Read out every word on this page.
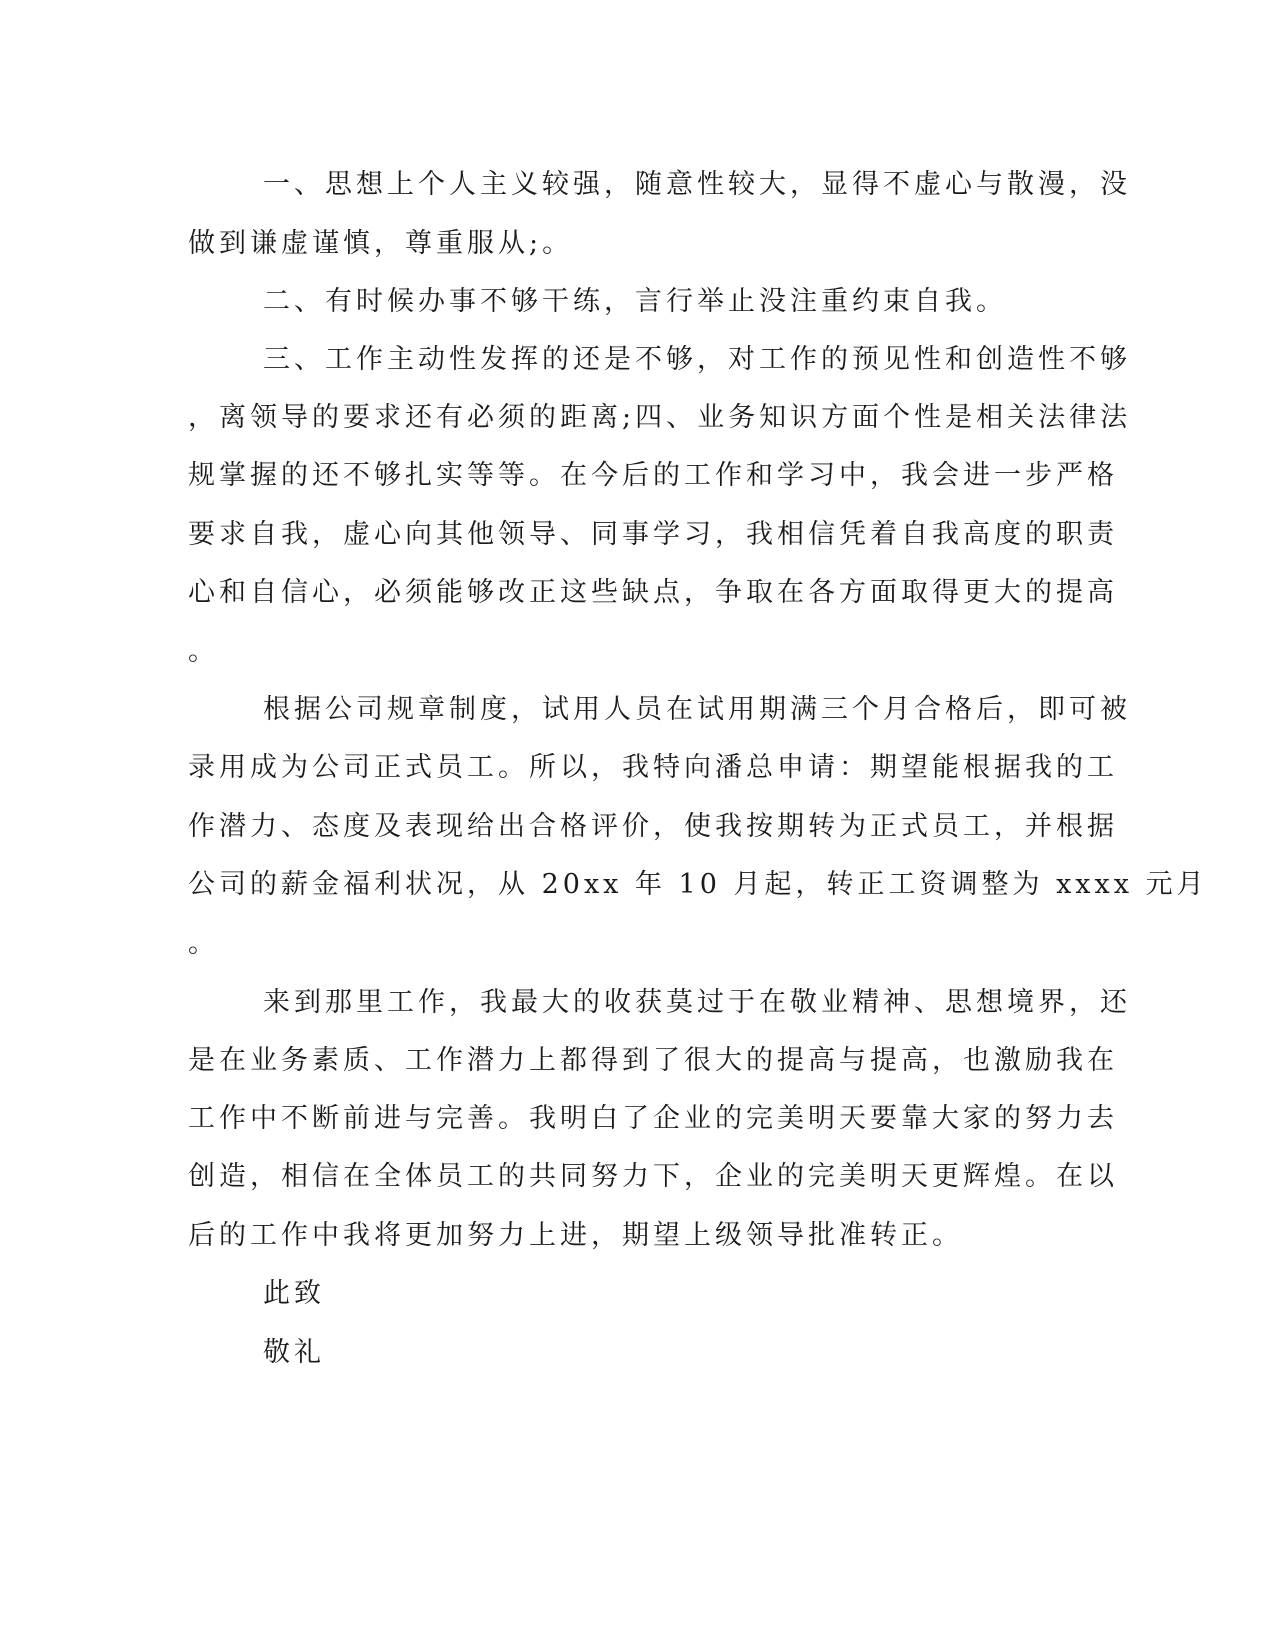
一、思想上个人主义较强，随意性较大，显得不虚心与散漫，没

做到谦虚谨慎，尊重服从;。

二、有时候办事不够干练，言行举止没注重约束自我。

三、工作主动性发挥的还是不够，对工作的预见性和创造性不够

，离领导的要求还有必须的距离;四、业务知识方面个性是相关法律法

规掌握的还不够扎实等等。在今后的工作和学习中，我会进一步严格

要求自我，虚心向其他领导、同事学习，我相信凭着自我高度的职责

心和自信心，必须能够改正这些缺点，争取在各方面取得更大的提高

。

根据公司规章制度，试用人员在试用期满三个月合格后，即可被

录用成为公司正式员工。所以，我特向潘总申请：期望能根据我的工

作潜力、态度及表现给出合格评价，使我按期转为正式员工，并根据

公司的薪金福利状况，从 20xx 年 10 月起，转正工资调整为 xxxx 元月

。

来到那里工作，我最大的收获莫过于在敬业精神、思想境界，还

是在业务素质、工作潜力上都得到了很大的提高与提高，也激励我在

工作中不断前进与完善。我明白了企业的完美明天要靠大家的努力去

创造，相信在全体员工的共同努力下，企业的完美明天更辉煌。在以

后的工作中我将更加努力上进，期望上级领导批准转正。

此致

敬礼
